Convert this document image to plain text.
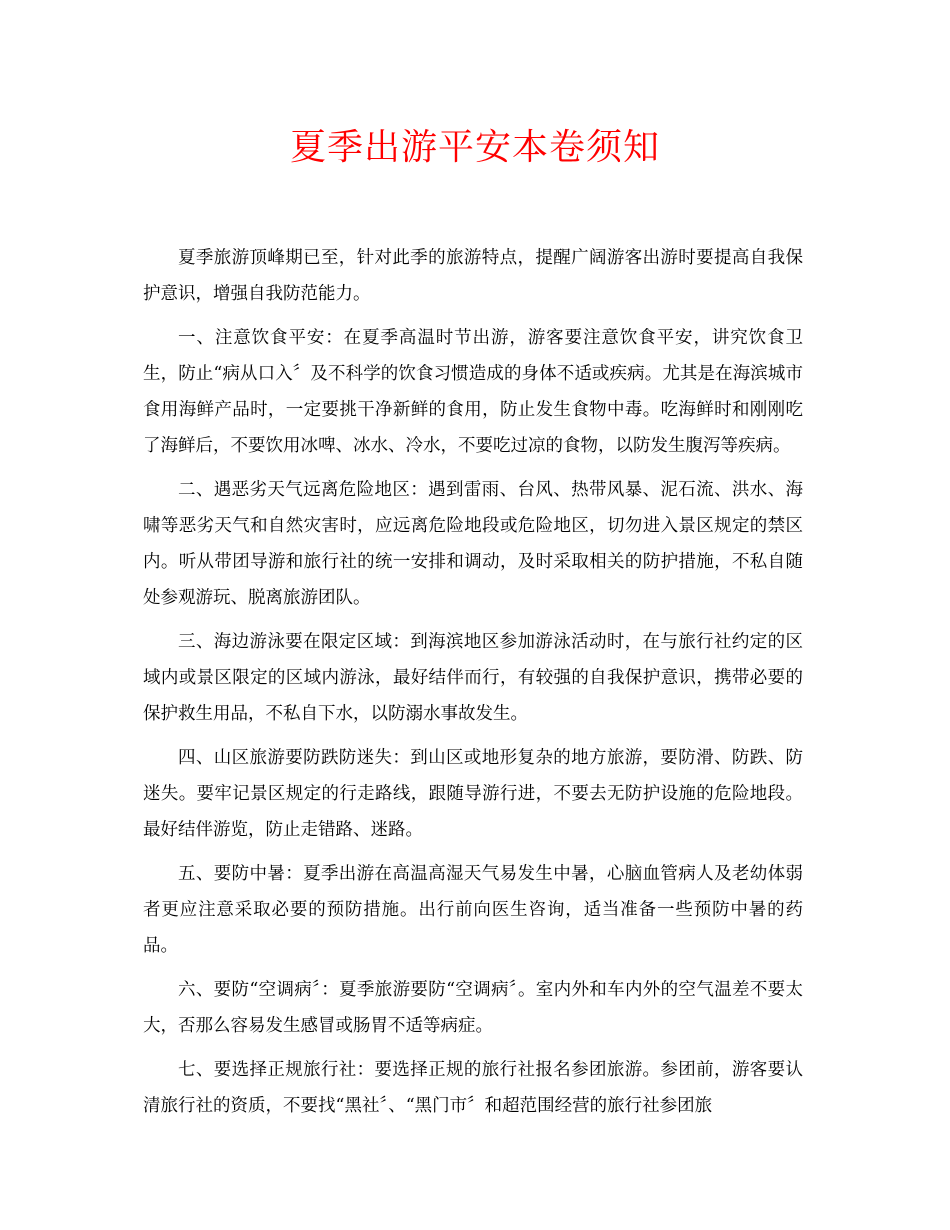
夏季出游平安本卷须知

夏季旅游顶峰期已至，针对此季的旅游特点，提醒广阔游客出游时要提高自我保护意识，增强自我防范能力。

一、注意饮食平安：在夏季高温时节出游，游客要注意饮食平安，讲究饮食卫生，防止“病从口入〞及不科学的饮食习惯造成的身体不适或疾病。尤其是在海滨城市食用海鲜产品时，一定要挑干净新鲜的食用，防止发生食物中毒。吃海鲜时和刚刚吃了海鲜后，不要饮用冰啤、冰水、冷水，不要吃过凉的食物，以防发生腹泻等疾病。

二、遇恶劣天气远离危险地区：遇到雷雨、台风、热带风暴、泥石流、洪水、海啸等恶劣天气和自然灾害时，应远离危险地段或危险地区，切勿进入景区规定的禁区内。听从带团导游和旅行社的统一安排和调动，及时采取相关的防护措施，不私自随处参观游玩、脱离旅游团队。

三、海边游泳要在限定区域：到海滨地区参加游泳活动时，在与旅行社约定的区域内或景区限定的区域内游泳，最好结伴而行，有较强的自我保护意识，携带必要的保护救生用品，不私自下水，以防溺水事故发生。

四、山区旅游要防跌防迷失：到山区或地形复杂的地方旅游，要防滑、防跌、防迷失。要牢记景区规定的行走路线，跟随导游行进，不要去无防护设施的危险地段。最好结伴游览，防止走错路、迷路。

五、要防中暑：夏季出游在高温高湿天气易发生中暑，心脑血管病人及老幼体弱者更应注意采取必要的预防措施。出行前向医生咨询，适当准备一些预防中暑的药品。

六、要防“空调病〞：夏季旅游要防“空调病〞。室内外和车内外的空气温差不要太大，否那么容易发生感冒或肠胃不适等病症。

七、要选择正规旅行社：要选择正规的旅行社报名参团旅游。参团前，游客要认清旅行社的资质，不要找“黑社〞、“黑门市〞和超范围经营的旅行社参团旅
